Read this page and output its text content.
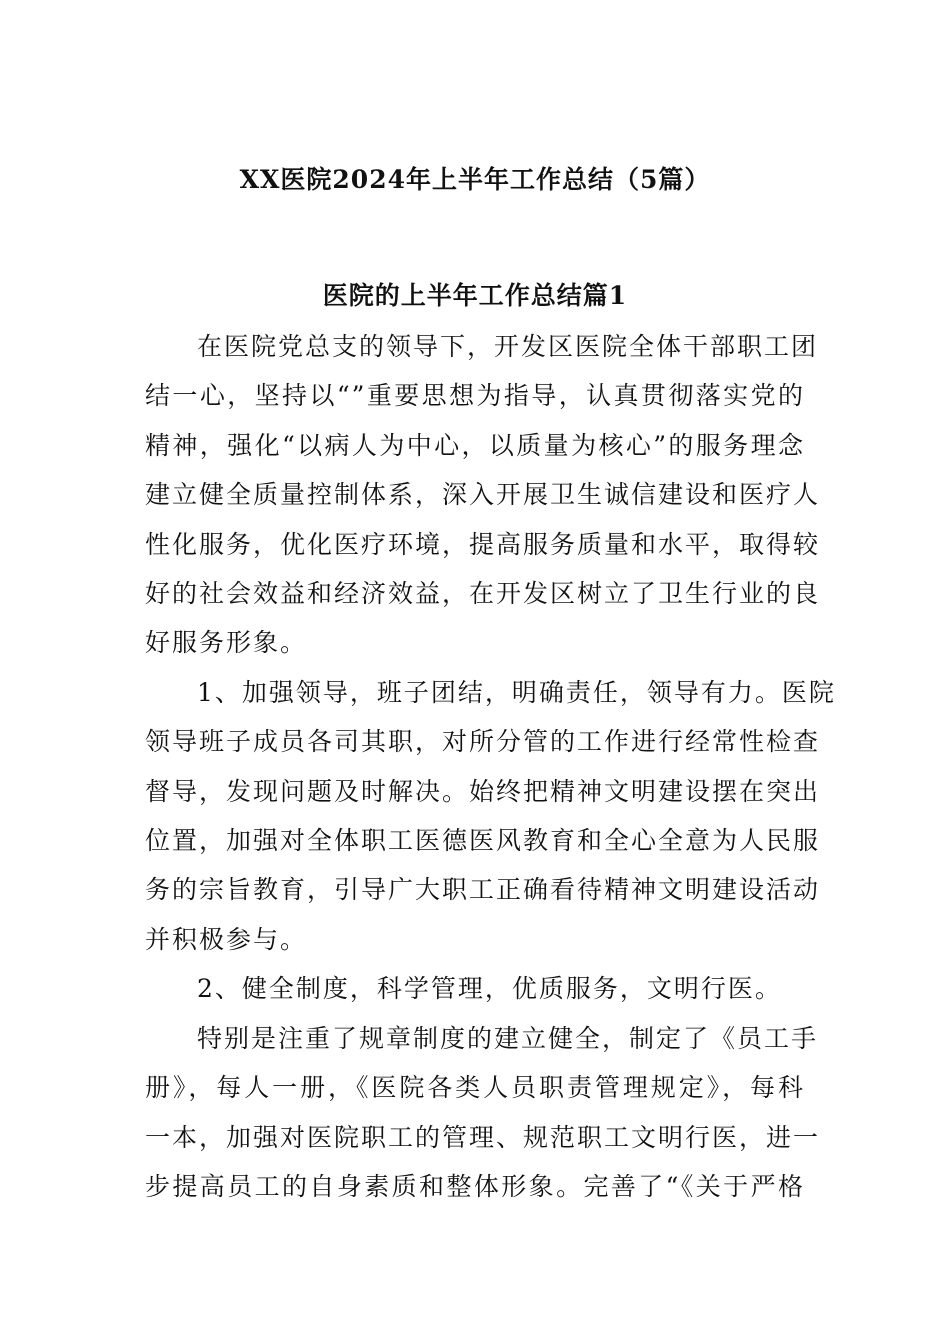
XX医院2024年上半年工作总结（5篇）
医院的上半年工作总结篇1

在医院党总支的领导下，开发区医院全体干部职工团
结一心，坚持以“”重要思想为指导，认真贯彻落实党的
精神，强化“以病人为中心，以质量为核心”的服务理念
建立健全质量控制体系，深入开展卫生诚信建设和医疗人
性化服务，优化医疗环境，提高服务质量和水平，取得较
好的社会效益和经济效益，在开发区树立了卫生行业的良
好服务形象。

1、加强领导，班子团结，明确责任，领导有力。医院
领导班子成员各司其职，对所分管的工作进行经常性检查
督导，发现问题及时解决。始终把精神文明建设摆在突出
位置，加强对全体职工医德医风教育和全心全意为人民服
务的宗旨教育，引导广大职工正确看待精神文明建设活动
并积极参与。

2、健全制度，科学管理，优质服务，文明行医。

特别是注重了规章制度的建立健全，制定了《员工手
册》，每人一册，《医院各类人员职责管理规定》，每科
一本，加强对医院职工的管理、规范职工文明行医，进一
步提高员工的自身素质和整体形象。完善了“《关于严格
